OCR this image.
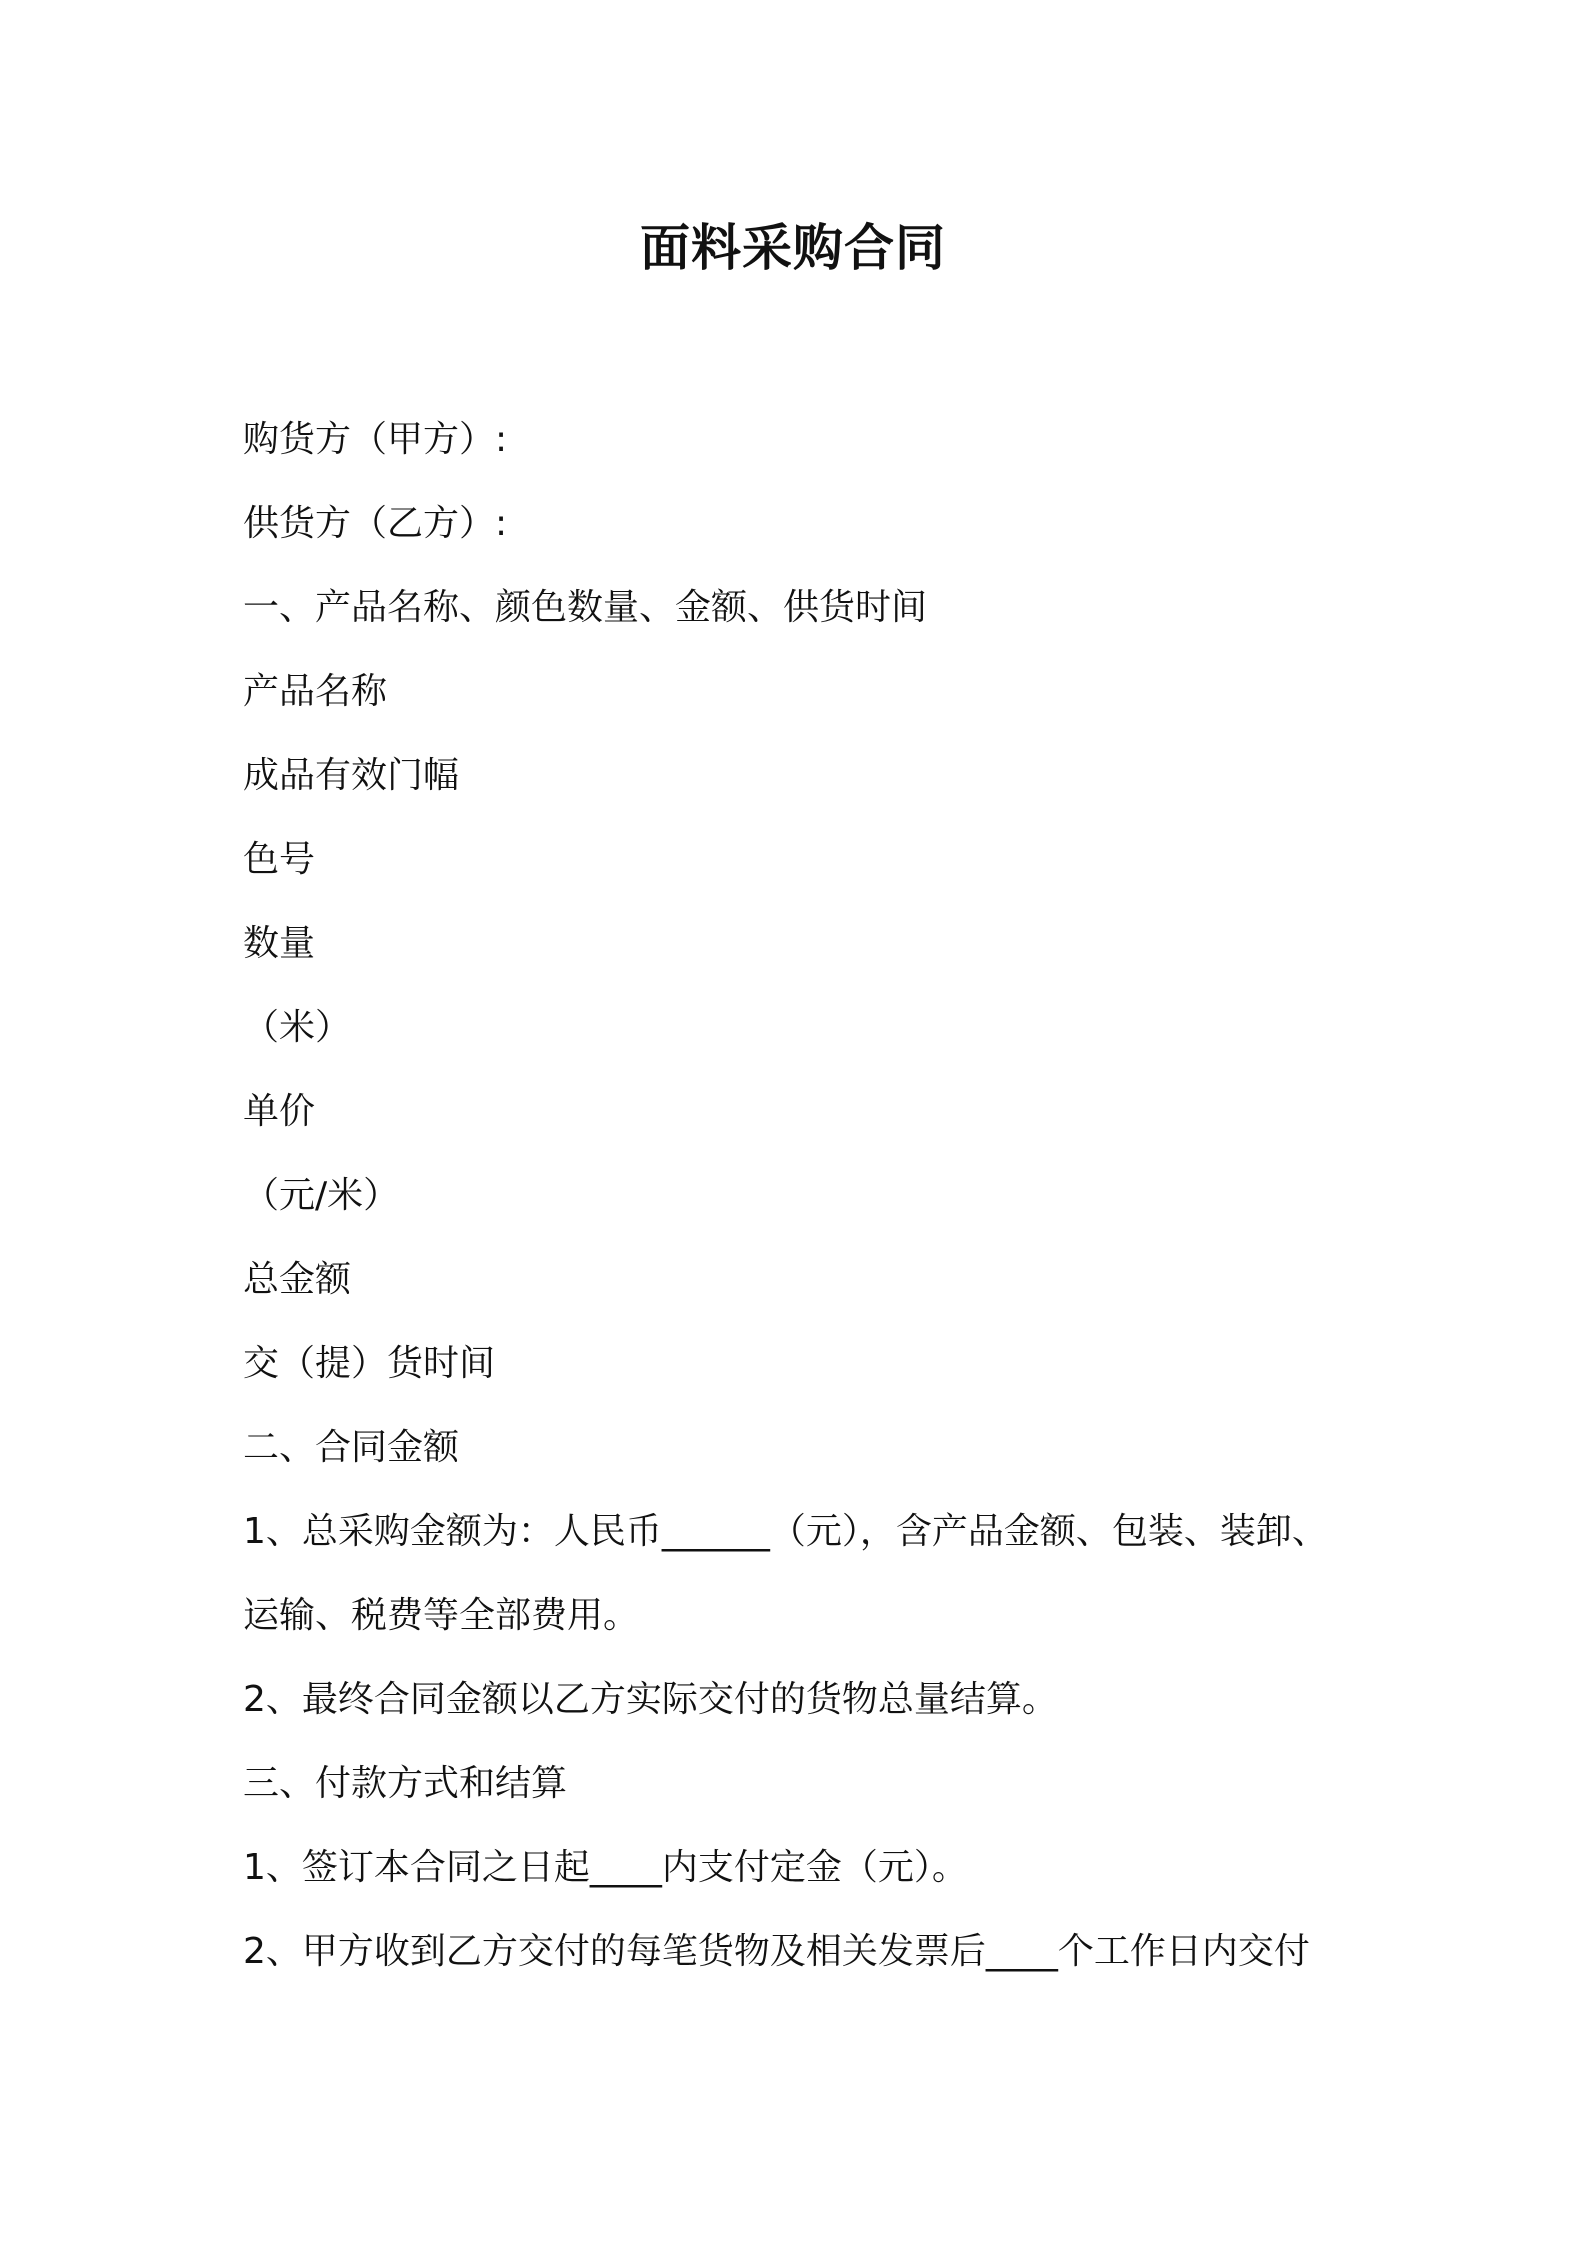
面料采购合同
购货方（甲方）:
供货方（乙方）:
一、产品名称、颜色数量、金额、供货时间
产品名称
成品有效门幅
色号
数量
（米）
单价
（元/米）
总金额
交（提）货时间
二、合同金额
1、总采购金额为：人民币______（元），含产品金额、包装、装卸、
运输、税费等全部费用。
2、最终合同金额以乙方实际交付的货物总量结算。
三、付款方式和结算
1、签订本合同之日起____内支付定金（元）。
2、甲方收到乙方交付的每笔货物及相关发票后____个工作日内交付
